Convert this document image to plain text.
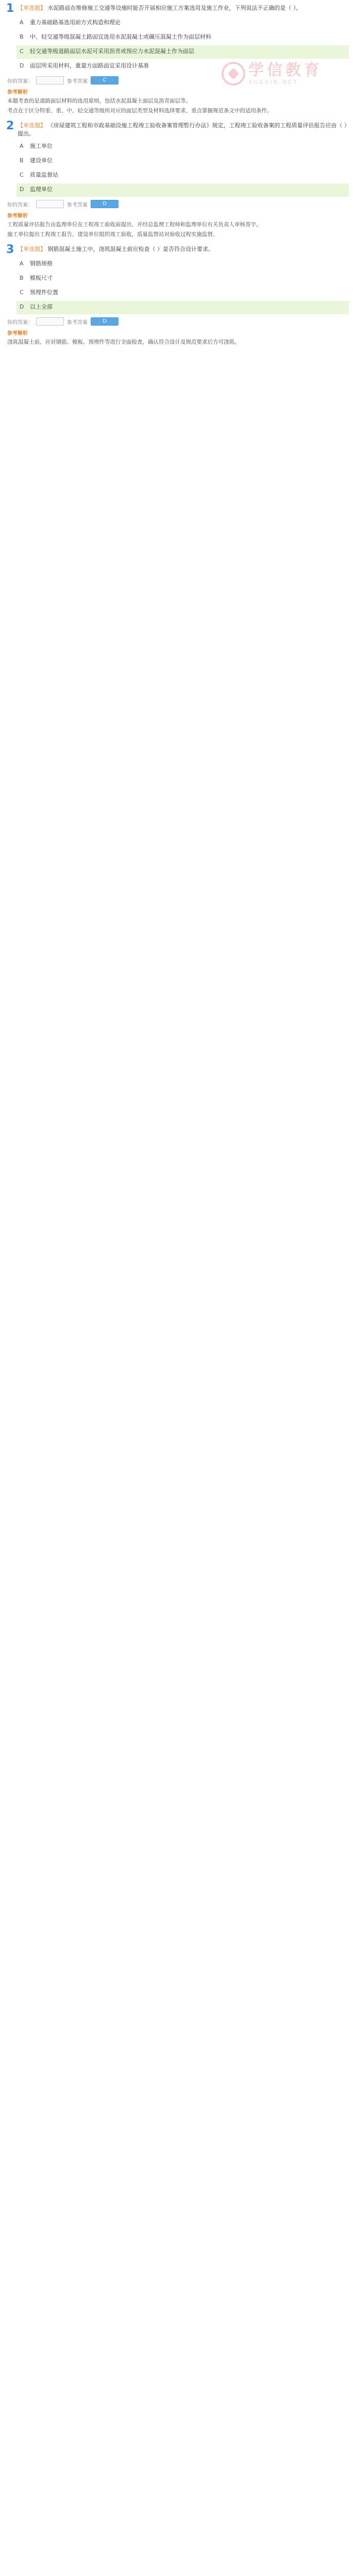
学信教育
XUEXIN.NET
1 【单选题】 水泥路面在维修施工交通等设施时能否开展相应施工方案选用及施工作业，下列说法不正确的是（ ）。
A	重力基础路基选用前方式构造和理论
B	中、轻交通等级混凝土路面宜选用水泥混凝土或碾压混凝土作为面层材料
C	轻交通等级道路面层水泥可采用沥青或预应力水泥混凝土作为面层
D	面层所采用材料，重量方面路面宜采用设计基准
你的答案：	参考答案	C
参考解析

本题考查的是道路面层材料的选用原则，包括水泥混凝土面层及沥青面层等。

考点在于区分特重、重、中、轻交通等级所对应的面层类型及材料选择要求，重点掌握规范条文中的适用条件。

2 【单选题】 《房屋建筑工程和市政基础设施工程竣工验收备案管理暂行办法》规定，工程竣工验收备案的工程质量评估报告应由（ ）提出。
A	施工单位
B	建设单位
C	质量监督站
D	监理单位
你的答案：	参考答案	D
参考解析

工程质量评估报告由监理单位在工程竣工验收前提出，并经总监理工程师和监理单位有关负责人审核签字。

施工单位提出工程竣工报告，建设单位组织竣工验收，质量监督站对验收过程实施监督。

3 【单选题】 钢筋混凝土施工中，浇筑混凝土前应检查（ ）是否符合设计要求。
A	钢筋规格
B	模板尺寸
C	预埋件位置
D	以上全部
你的答案：	参考答案	D
参考解析

浇筑混凝土前，应对钢筋、模板、预埋件等进行全面检查，确认符合设计及规范要求后方可浇筑。
